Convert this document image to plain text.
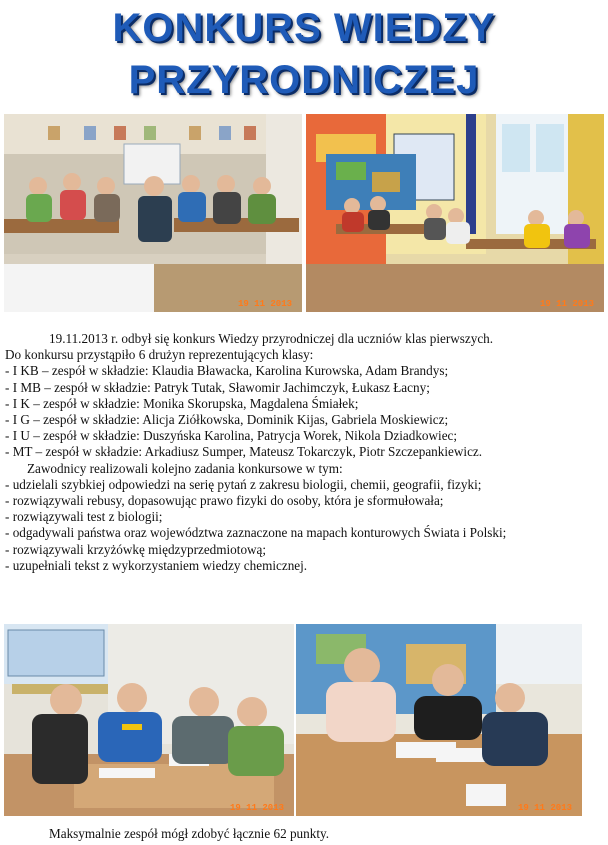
KONKURS WIEDZY
PRZYRODNICZEJ
19 11 2013	19 11 2013

19.11.2013 r. odbył się konkurs Wiedzy przyrodniczej dla uczniów klas pierwszych.

Do konkursu przystąpiło 6 drużyn reprezentujących klasy:

- I KB – zespół w składzie: Klaudia Bławacka, Karolina Kurowska, Adam Brandys;

- I MB – zespół w składzie: Patryk Tutak, Sławomir Jachimczyk, Łukasz Łacny;

- I K – zespół w składzie: Monika Skorupska, Magdalena Śmiałek;

- I G – zespół w składzie: Alicja Ziółkowska, Dominik Kijas, Gabriela Moskiewicz;

- I U – zespół w składzie: Duszyńska Karolina, Patrycja Worek, Nikola Dziadkowiec;

- MT – zespół w składzie: Arkadiusz Sumper, Mateusz Tokarczyk, Piotr Szczepankiewicz.

Zawodnicy realizowali kolejno zadania konkursowe w tym:

- udzielali szybkiej odpowiedzi na serię pytań z zakresu biologii, chemii, geografii, fizyki;

- rozwiązywali rebusy, dopasowując prawo fizyki do osoby, która je sformułowała;

- rozwiązywali test z biologii;

- odgadywali państwa oraz województwa zaznaczone na mapach konturowych Świata i Polski;

- rozwiązywali krzyżówkę międzyprzedmiotową;

- uzupełniali tekst z wykorzystaniem wiedzy chemicznej.

19 11 2013	19 11 2013
Maksymalnie zespół mógł zdobyć łącznie 62 punkty.
